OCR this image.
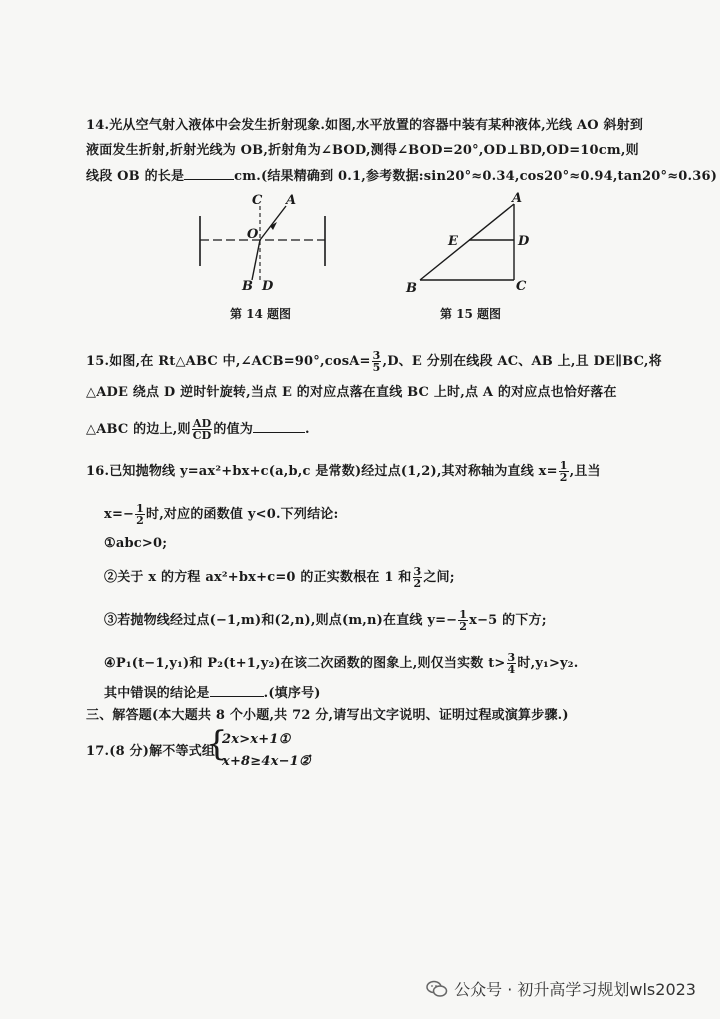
14.光从空气射入液体中会发生折射现象.如图,水平放置的容器中装有某种液体,光线 AO 斜射到
液面发生折射,折射光线为 OB,折射角为∠BOD,测得∠BOD=20°,OD⊥BD,OD=10cm,则
线段 OB 的长是	cm.(结果精确到 0.1,参考数据:sin20°≈0.34,cos20°≈0.94,tan20°≈0.36)
C A
O
B D
第 14 题图
A
E	D
B	C
第 15 题图
15.如图,在 Rt△ABC 中,∠ACB=90°,cosA= $\frac{3}{5} ,D$、E 分别在线段 AC、AB 上,且 DE∥BC,将
△ADE 绕点 D 逆时针旋转,当点 E 的对应点落在直线 BC 上时,点 A 的对应点也恰好落在
△ABC 的边上,则 $\frac{AD}{CD}$ 的值为	.
16.已知抛物线 y=ax²+bx+c(a,b,c 是常数)经过点(1,2),其对称轴为直线 $x= \frac{1}{2}$ ,且当
$x=- \frac{1}{2}$ 时,对应的函数值 y<0.下列结论:
①abc>0;
②关于 x 的方程 ax²+bx+c=0 的正实数根在 1 和 $\frac{3}{2}$ 之间;
③若抛物线经过点(−1,m)和(2,n),则点(m,n)在直线 $y=- \frac{1}{2} x-5$ 的下方;
④P₁(t−1,y₁)和 P₂(t+1,y₂)在该二次函数的图象上,则仅当实数 $t> \frac{3}{4}$ 时,y₁>y₂.
其中错误的结论是	.(填序号)
三、解答题(本大题共 8 个小题,共 72 分,请写出文字说明、证明过程或演算步骤.)
17.(8 分)解不等式组
{
2x>x+1①
x+8≥4x−1②
.
公众号 · 初升高学习规划wls2023
